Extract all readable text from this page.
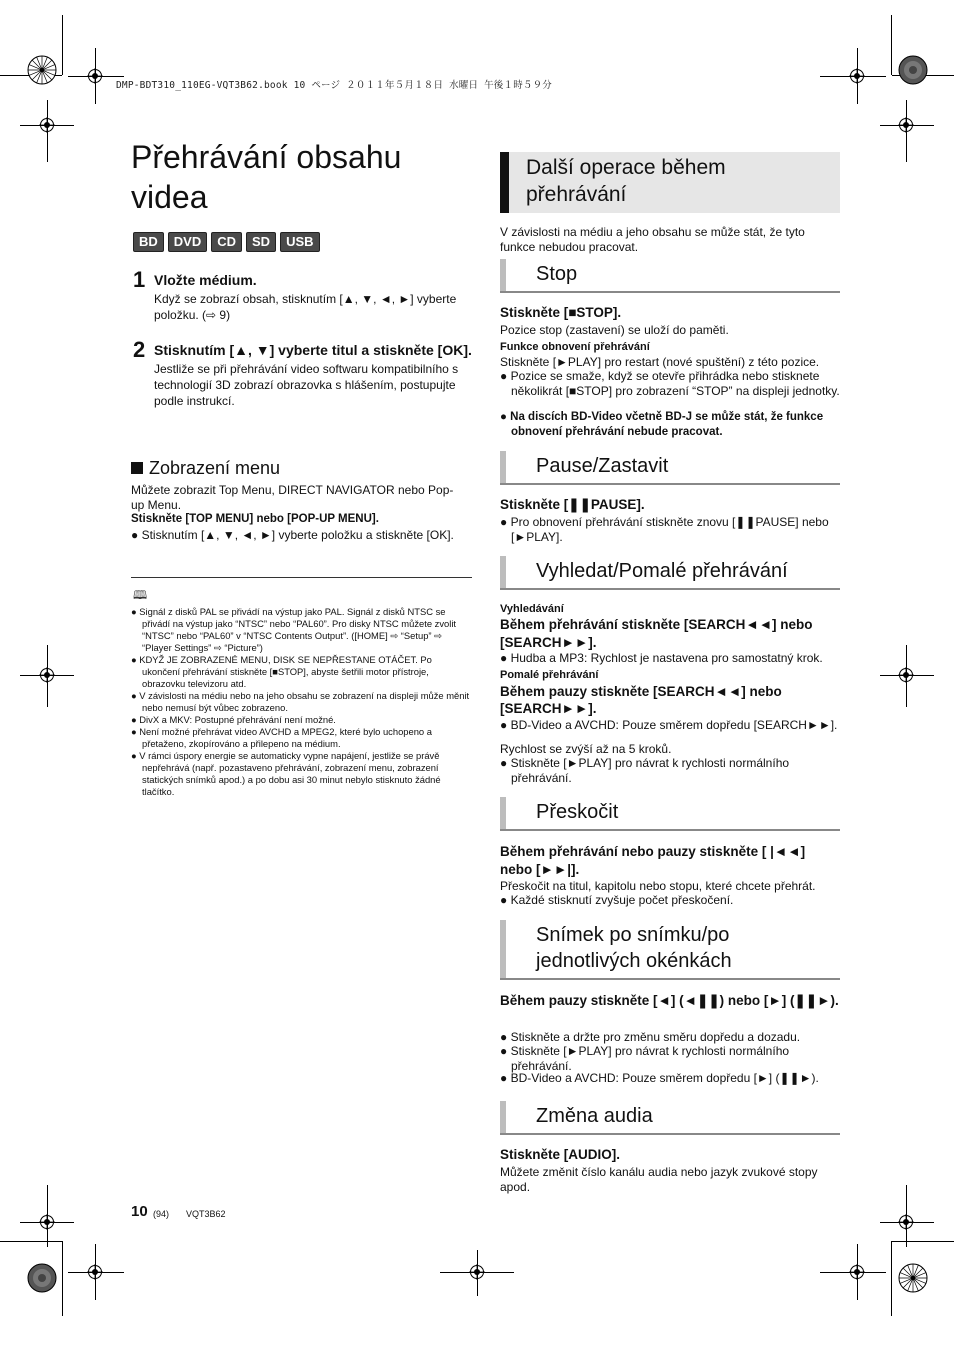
DMP-BDT310_110EG-VQT3B62.book 10 ページ ２０１１年５月１８日 水曜日 午後１時５９分
Přehrávání obsahu videa
BD	DVD	CD	SD	USB
1 Vložte médium.
Když se zobrazí obsah, stisknutím [▲, ▼, ◄, ►] vyberte položku. (⇨ 9)
2 Stisknutím [▲, ▼] vyberte titul a stiskněte [OK].
Jestliže se při přehrávání video softwaru kompatibilního s technologií 3D zobrazí obrazovka s hlášením, postupujte podle instrukcí.
Zobrazení menu
Můžete zobrazit Top Menu, DIRECT NAVIGATOR nebo Pop-up Menu.
Stiskněte [TOP MENU] nebo [POP-UP MENU].
● Stisknutím [▲, ▼, ◄, ►] vyberte položku a stiskněte [OK].
🕮
● Signál z disků PAL se přivádí na výstup jako PAL. Signál z disků NTSC se přivádí na výstup jako “NTSC” nebo “PAL60”. Pro disky NTSC můžete zvolit “NTSC” nebo “PAL60” v “NTSC Contents Output”. ([HOME] ⇨ “Setup” ⇨ “Player Settings” ⇨ “Picture”)
● KDYŽ JE ZOBRAZENÉ MENU, DISK SE NEPŘESTANE OTÁČET. Po ukončení přehrávání stiskněte [■STOP], abyste šetřili motor přístroje, obrazovku televizoru atd.
● V závislosti na médiu nebo na jeho obsahu se zobrazení na displeji může měnit nebo nemusí být vůbec zobrazeno.
● DivX a MKV: Postupné přehrávání není možné.
● Není možné přehrávat video AVCHD a MPEG2, které bylo uchopeno a přetaženo, zkopírováno a přilepeno na médium.
● V rámci úspory energie se automaticky vypne napájení, jestliže se právě nepřehrává (např. pozastaveno přehrávání, zobrazení menu, zobrazení statických snímků apod.) a po dobu asi 30 minut nebylo stisknuto žádné tlačítko.
Další operace během přehrávání
V závislosti na médiu a jeho obsahu se může stát, že tyto funkce nebudou pracovat.
Stop
Stiskněte [■STOP].
Pozice stop (zastavení) se uloží do paměti.
Funkce obnovení přehrávání
Stiskněte [►PLAY] pro restart (nové spuštění) z této pozice.
● Pozice se smaže, když se otevře přihrádka nebo stisknete několikrát [■STOP] pro zobrazení “STOP” na displeji jednotky.
● Na discích BD-Video včetně BD-J se může stát, že funkce obnovení přehrávání nebude pracovat.
Pause/Zastavit
Stiskněte [❚❚PAUSE].
● Pro obnovení přehrávání stiskněte znovu [❚❚PAUSE] nebo [►PLAY].
Vyhledat/Pomalé přehrávání
Vyhledávání
Během přehrávání stiskněte [SEARCH◄◄] nebo [SEARCH►►].
● Hudba a MP3: Rychlost je nastavena pro samostatný krok.
Pomalé přehrávání
Během pauzy stiskněte [SEARCH◄◄] nebo [SEARCH►►].
● BD-Video a AVCHD: Pouze směrem dopředu [SEARCH►►].
Rychlost se zvýší až na 5 kroků.
● Stiskněte [►PLAY] pro návrat k rychlosti normálního přehrávání.
Přeskočit
Během přehrávání nebo pauzy stiskněte [ |◄◄] nebo [►►|].
Přeskočit na titul, kapitolu nebo stopu, které chcete přehrát.
● Každé stisknutí zvyšuje počet přeskočení.
Snímek po snímku/po jednotlivých okénkách
Během pauzy stiskněte [◄] (◄❚❚) nebo [►] (❚❚►).
● Stiskněte a držte pro změnu směru dopředu a dozadu.
● Stiskněte [►PLAY] pro návrat k rychlosti normálního přehrávání.
● BD-Video a AVCHD: Pouze směrem dopředu [►] (❚❚►).
Změna audia
Stiskněte [AUDIO].
Můžete změnit číslo kanálu audia nebo jazyk zvukové stopy apod.
10 (94) VQT3B62
